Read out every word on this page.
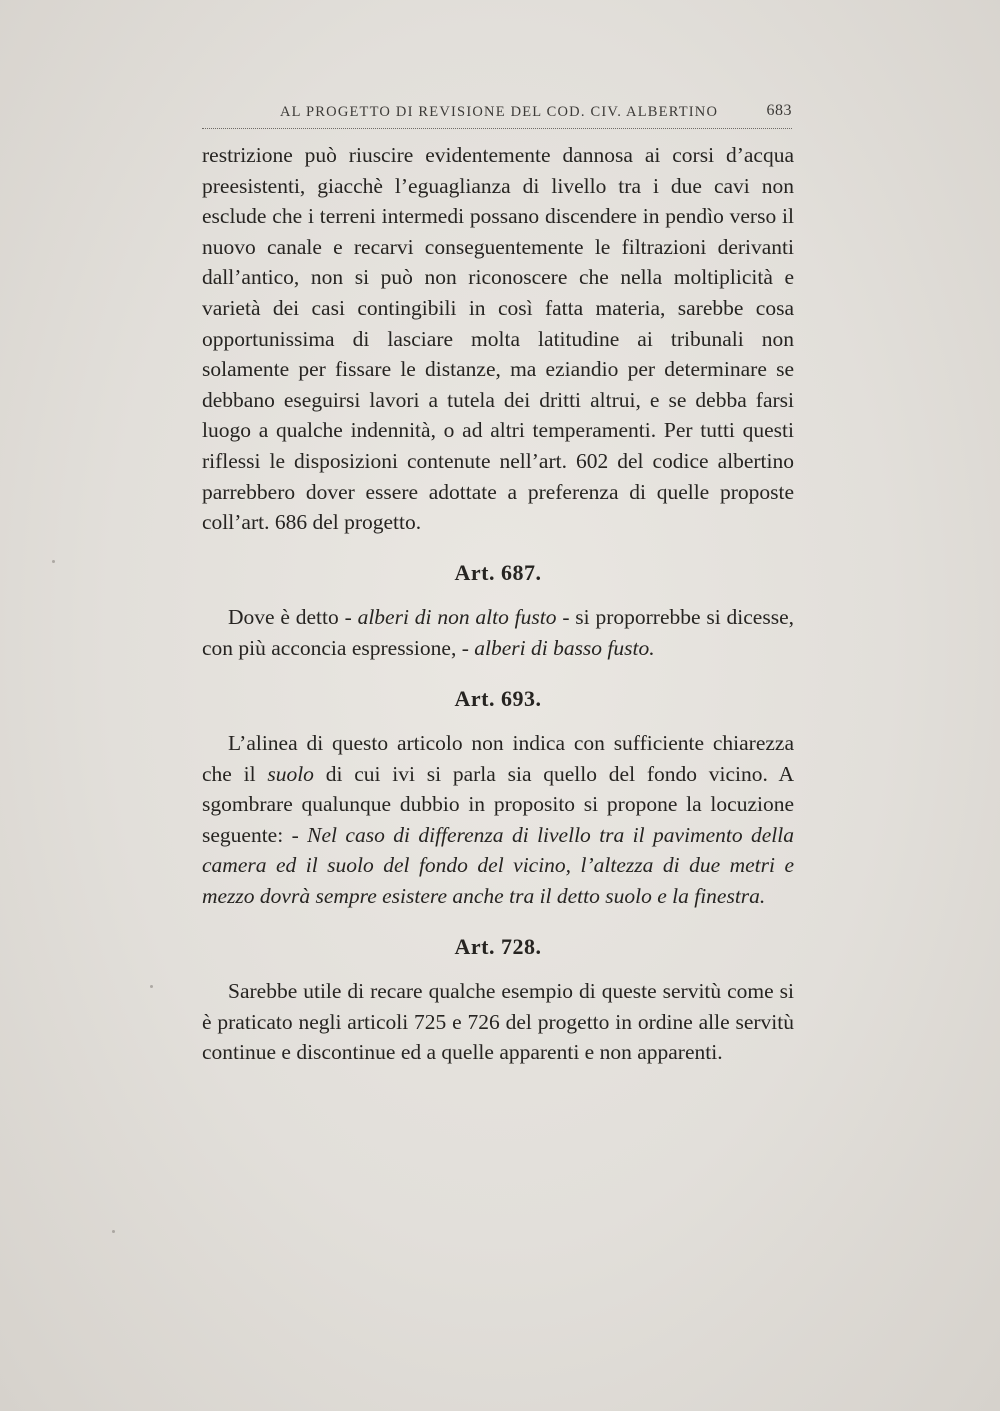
AL PROGETTO DI REVISIONE DEL COD. CIV. ALBERTINO	683

restrizione può riuscire evidentemente dannosa ai corsi d’acqua preesistenti, giacchè l’eguaglianza di livello tra i due cavi non esclude che i terreni intermedi possano discendere in pendìo verso il nuovo canale e recarvi conseguentemente le filtrazioni derivanti dall’antico, non si può non riconoscere che nella moltiplicità e varietà dei casi contingibili in così fatta materia, sarebbe cosa opportunissima di lasciare molta latitudine ai tribunali non solamente per fissare le distanze, ma eziandio per determinare se debbano eseguirsi lavori a tutela dei dritti altrui, e se debba farsi luogo a qualche indennità, o ad altri temperamenti. Per tutti questi riflessi le disposizioni contenute nell’art. 602 del codice albertino parrebbero dover essere adottate a preferenza di quelle proposte coll’art. 686 del progetto.

Art. 687.

Dove è detto - alberi di non alto fusto - si proporrebbe si dicesse, con più acconcia espressione, - alberi di basso fusto.

Art. 693.

L’alinea di questo articolo non indica con sufficiente chiarezza che il suolo di cui ivi si parla sia quello del fondo vicino. A sgombrare qualunque dubbio in proposito si propone la locuzione seguente: - Nel caso di differenza di livello tra il pavimento della camera ed il suolo del fondo del vicino, l’altezza di due metri e mezzo dovrà sempre esistere anche tra il detto suolo e la finestra.

Art. 728.

Sarebbe utile di recare qualche esempio di queste servitù come si è praticato negli articoli 725 e 726 del progetto in ordine alle servitù continue e discontinue ed a quelle apparenti e non apparenti.
